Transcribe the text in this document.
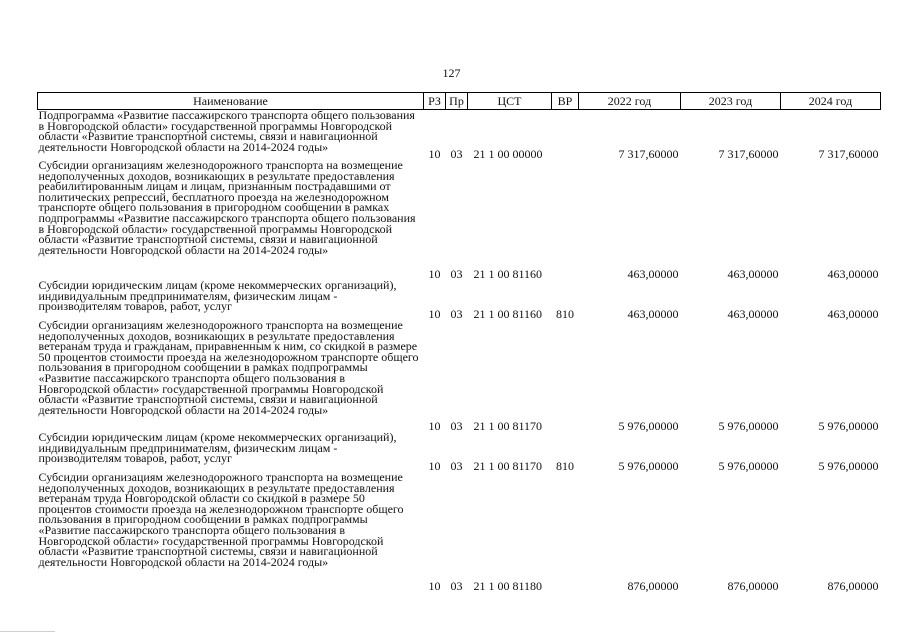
127
Наименование	РЗ	Пр	ЦСТ	ВР	2022 год	2023 год	2024 год

Подпрограмма «Развитие пассажирского транспорта общего пользования в Новгородской области» государственной программы Новгородской области «Развитие транспортной системы, связи и навигационной деятельности Новгородской области на 2014-2024 годы»	10	03	21 1 00 00000		7 317,60000	7 317,60000	7 317,60000

Субсидии организациям железнодорожного транспорта на возмещение недополученных доходов, возникающих в результате предоставления реабилитированным лицам и лицам, признанным пострадавшими от политических репрессий, бесплатного проезда на железнодорожном транспорте общего пользования в пригородном сообщении в рамках подпрограммы «Развитие пассажирского транспорта общего пользования в Новгородской области» государственной программы Новгородской области «Развитие транспортной системы, связи и навигационной деятельности Новгородской области на 2014-2024 годы»	10	03	21 1 00 81160		463,00000	463,00000	463,00000

Субсидии юридическим лицам (кроме некоммерческих организаций), индивидуальным предпринимателям, физическим лицам - производителям товаров, работ, услуг	10	03	21 1 00 81160	810	463,00000	463,00000	463,00000

Субсидии организациям железнодорожного транспорта на возмещение недополученных доходов, возникающих в результате предоставления ветеранам труда и гражданам, приравненным к ним, со скидкой в размере 50 процентов стоимости проезда на железнодорожном транспорте общего пользования в пригородном сообщении в рамках подпрограммы «Развитие пассажирского транспорта общего пользования в Новгородской области» государственной программы Новгородской области «Развитие транспортной системы, связи и навигационной деятельности Новгородской области на 2014-2024 годы»	10	03	21 1 00 81170		5 976,00000	5 976,00000	5 976,00000

Субсидии юридическим лицам (кроме некоммерческих организаций), индивидуальным предпринимателям, физическим лицам - производителям товаров, работ, услуг	10	03	21 1 00 81170	810	5 976,00000	5 976,00000	5 976,00000

Субсидии организациям железнодорожного транспорта на возмещение недополученных доходов, возникающих в результате предоставления ветеранам труда Новгородской области со скидкой в размере 50 процентов стоимости проезда на железнодорожном транспорте общего пользования в пригородном сообщении в рамках подпрограммы «Развитие пассажирского транспорта общего пользования в Новгородской области» государственной программы Новгородской области «Развитие транспортной системы, связи и навигационной деятельности Новгородской области на 2014-2024 годы»	10	03	21 1 00 81180		876,00000	876,00000	876,00000
